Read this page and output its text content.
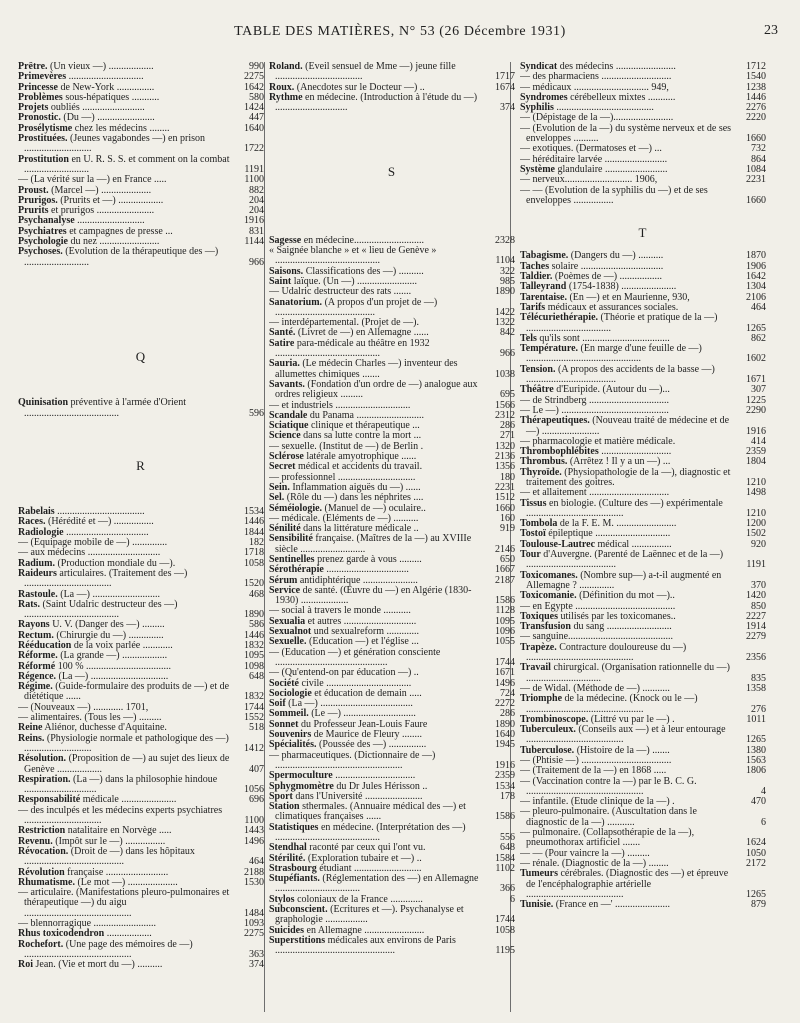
TABLE DES MATIÈRES, N° 53 (26 Décembre 1931)	23
Prêtre. (Un vieux —) ..................	990
Primevères ..............................	2275
Princesse de New-York ...............	1642
Problèmes sous-hépatiques ...........	580
Projets oubliés .........................	1424
Pronostic. (Du —) .......................	447
Prosélytisme chez les médecins ........	1640
Prostituées. (Jeunes vagabondes —) en prison ...........................	1722
Prostitution en U. R. S. S. et comment on la combat ..........................	1191
— (La vérité sur la —) en France .....	1100
Proust. (Marcel —) ....................	882
Prurigos. (Prurits et —) ..................	204
Prurits et prurigos .......................	204
Psychanalyse ...........................	1916
Psychiatres et campagnes de presse ...	831
Psychologie du nez ........................	1144
Psychoses. (Evolution de la thérapeutique des —) ..........................	966
Q
Quinisation préventive à l'armée d'Orient ......................................	596
R
Rabelais ...................................	1534
Races. (Hérédité et —) ................	1446
Radiologie .................................	1844
— (Equipage mobile de —) ..............	182
— aux médecins .............................	1718
Radium. (Production mondiale du —).	1058
Raideurs articulaires. (Traitement des —) ...................................	1520
Rastoule. (La —) ...........................	468
Rats. (Saint Udalric destructeur des —) ......................................	1890
Rayons U. V. (Danger des —) .........	586
Rectum. (Chirurgie du —) ..............	1446
Rééducation de la voix parlée ............	1832
Réforme. (La grande —) ..................	1095
Réformé 100 % ..................................	1098
Régence. (La —) ...............................	648
Régime. (Guide-formulaire des produits de —) et de diététique ......	1832
— (Nouveaux —) ............ 1701,	1744
— alimentaires. (Tous les —) .........	1552
Reine Aliénor, duchesse d'Aquitaine.	518
Reins. (Physiologie normale et pathologique des —) ...........................	1412
Résolution. (Proposition de —) au sujet des lieux de Genève ..................	407
Respiration. (La —) dans la philosophie hindoue .............................	1056
Responsabilité médicale ......................	696
— des inculpés et les médecins experts psychiatres ...............................	1100
Restriction natalitaire en Norvège .....	1443
Revenu. (Impôt sur le —) ................	1496
Révocation. (Droit de —) dans les hôpitaux ........................................	464
Révolution française .........................	2188
Rhumatisme. (Le mot —) ....................	1530
— articulaire. (Manifestations pleuro-pulmonaires et thérapeutique —) du aigu ...........................................	1484
— blennorragique .........................	1093
Rhus toxicodendron ..................	2275
Rochefort. (Une page des mémoires de —) ...........................................	363
Roi Jean. (Vie et mort du —) ..........	374
Roland. (Eveil sensuel de Mme —) jeune fille ...................................	1717
Roux. (Anecdotes sur le Docteur —) ..	1674
Rythme en médecine. (Introduction à l'étude du —) .............................	374
S
Sagesse en médecine............................	2328
« Saignée blanche » et « lieu de Genève » ..........................................	1104
Saisons. Classifications des —) ..........	322
Saint laïque. (Un —) ........................	985
— Udalric destructeur des rats .......	1890
Sanatorium. (A propos d'un projet de —) ........................................	1422
— interdépartemental. (Projet de —).	1322
Santé. (Livret de —) en Allemagne ......	842
Satire para-médicale au théâtre en 1932 ..........................................	966
Sauria. (Le médecin Charles —) inventeur des allumettes chimiques .......	1038
Savants. (Fondation d'un ordre de —) analogue aux ordres religieux .........	695
— et industriels ..............................	1566
Scandale du Panama ...........................	2312
Sciatique clinique et thérapeutique ...	286
Science dans sa lutte contre la mort ...	271
— sexuelle. (Institut de —) de Berlin .	1320
Sclérose latérale amyotrophique ......	2136
Secret médical et accidents du travail.	1356
— professionnel ...............................	180
Sein. Inflammation aiguës du —) ......	2231
Sel. (Rôle du —) dans les néphrites ....	1512
Séméiologie. (Manuel de —) oculaire..	1660
— médicale. (Eléments de —) ..........	160
Sénilité dans la littérature médicale ..	919
Sensibilité française. (Maîtres de la —) au XVIIIe siècle ..........................	2146
Sentinelles prenez garde à vous .........	650
Sérothérapie .................................	1667
Sérum antidiphtérique ......................	2187
Service de santé. (Œuvre du —) en Algérie (1830-1930) ...................	1586
— social à travers le monde ...........	1128
Sexualia et autres .............................	1095
Sexualnot und sexualreform .............	1096
Sexuelle. (Education —) et l'église ...	1055
— (Education —) et génération consciente .............................................	1744
— (Qu'entend-on par éducation —) ..	1671
Société civile ..................................	1496
Sociologie et éducation de demain .....	724
Soif (La —) .....................................	2272
Sommeil. (Le —) .............................	286
Sonnet du Professeur Jean-Louis Faure	1890
Souvenirs de Maurice de Fleury ........	1640
Spécialités. (Poussée des —) ...............	1945
— pharmaceutiques. (Dictionnaire de —) ...................................................	1916
Spermoculture ................................	2359
Sphygmomètre du Dr Jules Hérisson ..	1534
Sport dans l'Université .......................	178
Station sthermales. (Annuaire médical des —) et climatiques françaises ......	1586
Statistiques en médecine. (Interprétation des —) ..........................................	556
Stendhal raconté par ceux qui l'ont vu.	648
Stérilité. (Exploration tubaire et —) ..	1584
Strasbourg étudiant ...........................	1102
Stupéfiants. (Réglementation des —) en Allemagne ..................................	366
Stylos coloniaux de la France .............	6
Subconscient. (Ecritures et —). Psychanalyse et graphologie .................	1744
Suicides en Allemagne ........................	1058
Superstitions médicales aux environs de Paris ................................................	1195
Syndicat des médecins ........................	1712
— des pharmaciens ............................	1540
— médicaux .............................. 949,	1238
Syndromes cérébelleux mixtes ...........	1446
Syphilis .......................................	2276
— (Dépistage de la —)........................	2220
— (Evolution de la —) du système nerveux et de ses enveloppes ..........	1660
— exotiques. (Dermatoses et —) ...	732
— héréditaire larvée .........................	864
Système glandulaire .........................	1084
— nerveux........................... 1906,	2231
— — (Evolution de la syphilis du —) et de ses enveloppes ................	1660
T
Tabagisme. (Dangers du —) ..........	1870
Taches solaire .................................	1906
Taldier. (Poèmes de —) .................	1642
Talleyrand (1754-1838) ......................	1304
Tarentaise. (En —) et en Maurienne, 930,	2106
Tarifs médicaux et assurances sociales.	464
Télécuriethérapie. (Théorie et pratique de la —) ..................................	1265
Tels qu'ils sont ...................................	862
Température. (En marge d'une feuille de —) ..............................................	1602
Tension. (A propos des accidents de la basse —) ....................................	1671
Théâtre d'Euripide. (Autour du —)...	307
— de Strindberg ................................	1225
— Le —) ...........................................	2290
Thérapeutiques. (Nouveau traité de médecine et de —) .......................	1916
— pharmacologie et matière médicale.	414
Thrombophlébites ............................	2359
Thrombus. (Arrêtez ! Il y a un —) ...	1804
Thyroïde. (Physiopathologie de la —), diagnostic et traitement des goitres.	1210
— et allaitement ................................	1498
Tissus en biologie. (Culture des —) expérimentale .......................................	1210
Tombola de la F. E. M. ........................	1200
Tostoï épileptique ..............................	1502
Toulouse-Lautrec médical ................	920
Tour d'Auvergne. (Parenté de Laënnec et de la —) ....................................	1191
Toxicomanes. (Nombre sup—) a-t-il augmenté en Allemagne ? ..............	370
Toxicomanie. (Définition du mot —)..	1420
— en Egypte ........................................	850
Toxiques utilisés par les toxicomanes..	2227
Transfusion du sang ..........................	1914
— sanguine..........................................	2279
Trapèze. Contracture douloureuse du —) ...........................................	2356
Travail chirurgical. (Organisation rationnelle du —) ..............................	835
— de Widal. (Méthode de —) ...........	1358
Triomphe de la médecine. (Knock ou le —) ...............................................	276
Trombinoscope. (Littré vu par le —) .	1011
Tuberculeux. (Conseils aux —) et à leur entourage .......................................	1265
Tuberculose. (Histoire de la —) .......	1380
— (Phtisie —) ....................................	1563
— (Traitement de la —) en 1868 .....	1806
— (Vaccination contre la —) par le B. C. G. ...............................................	4
— infantile. (Etude clinique de la —) .	470
— pleuro-pulmonaire. (Auscultation dans le diagnostic de la —) ...........	6
— pulmonaire. (Collapsothérapie de la —), pneumothorax artificiel .......	1624
— — (Pour vaincre la —) .........	1050
— rénale. (Diagnostic de la —) ........	2172
Tumeurs cérébrales. (Diagnostic des —) et épreuve de l'encéphalographie artérielle .......................................	1265
Tunisie. (France en —' ......................	879
